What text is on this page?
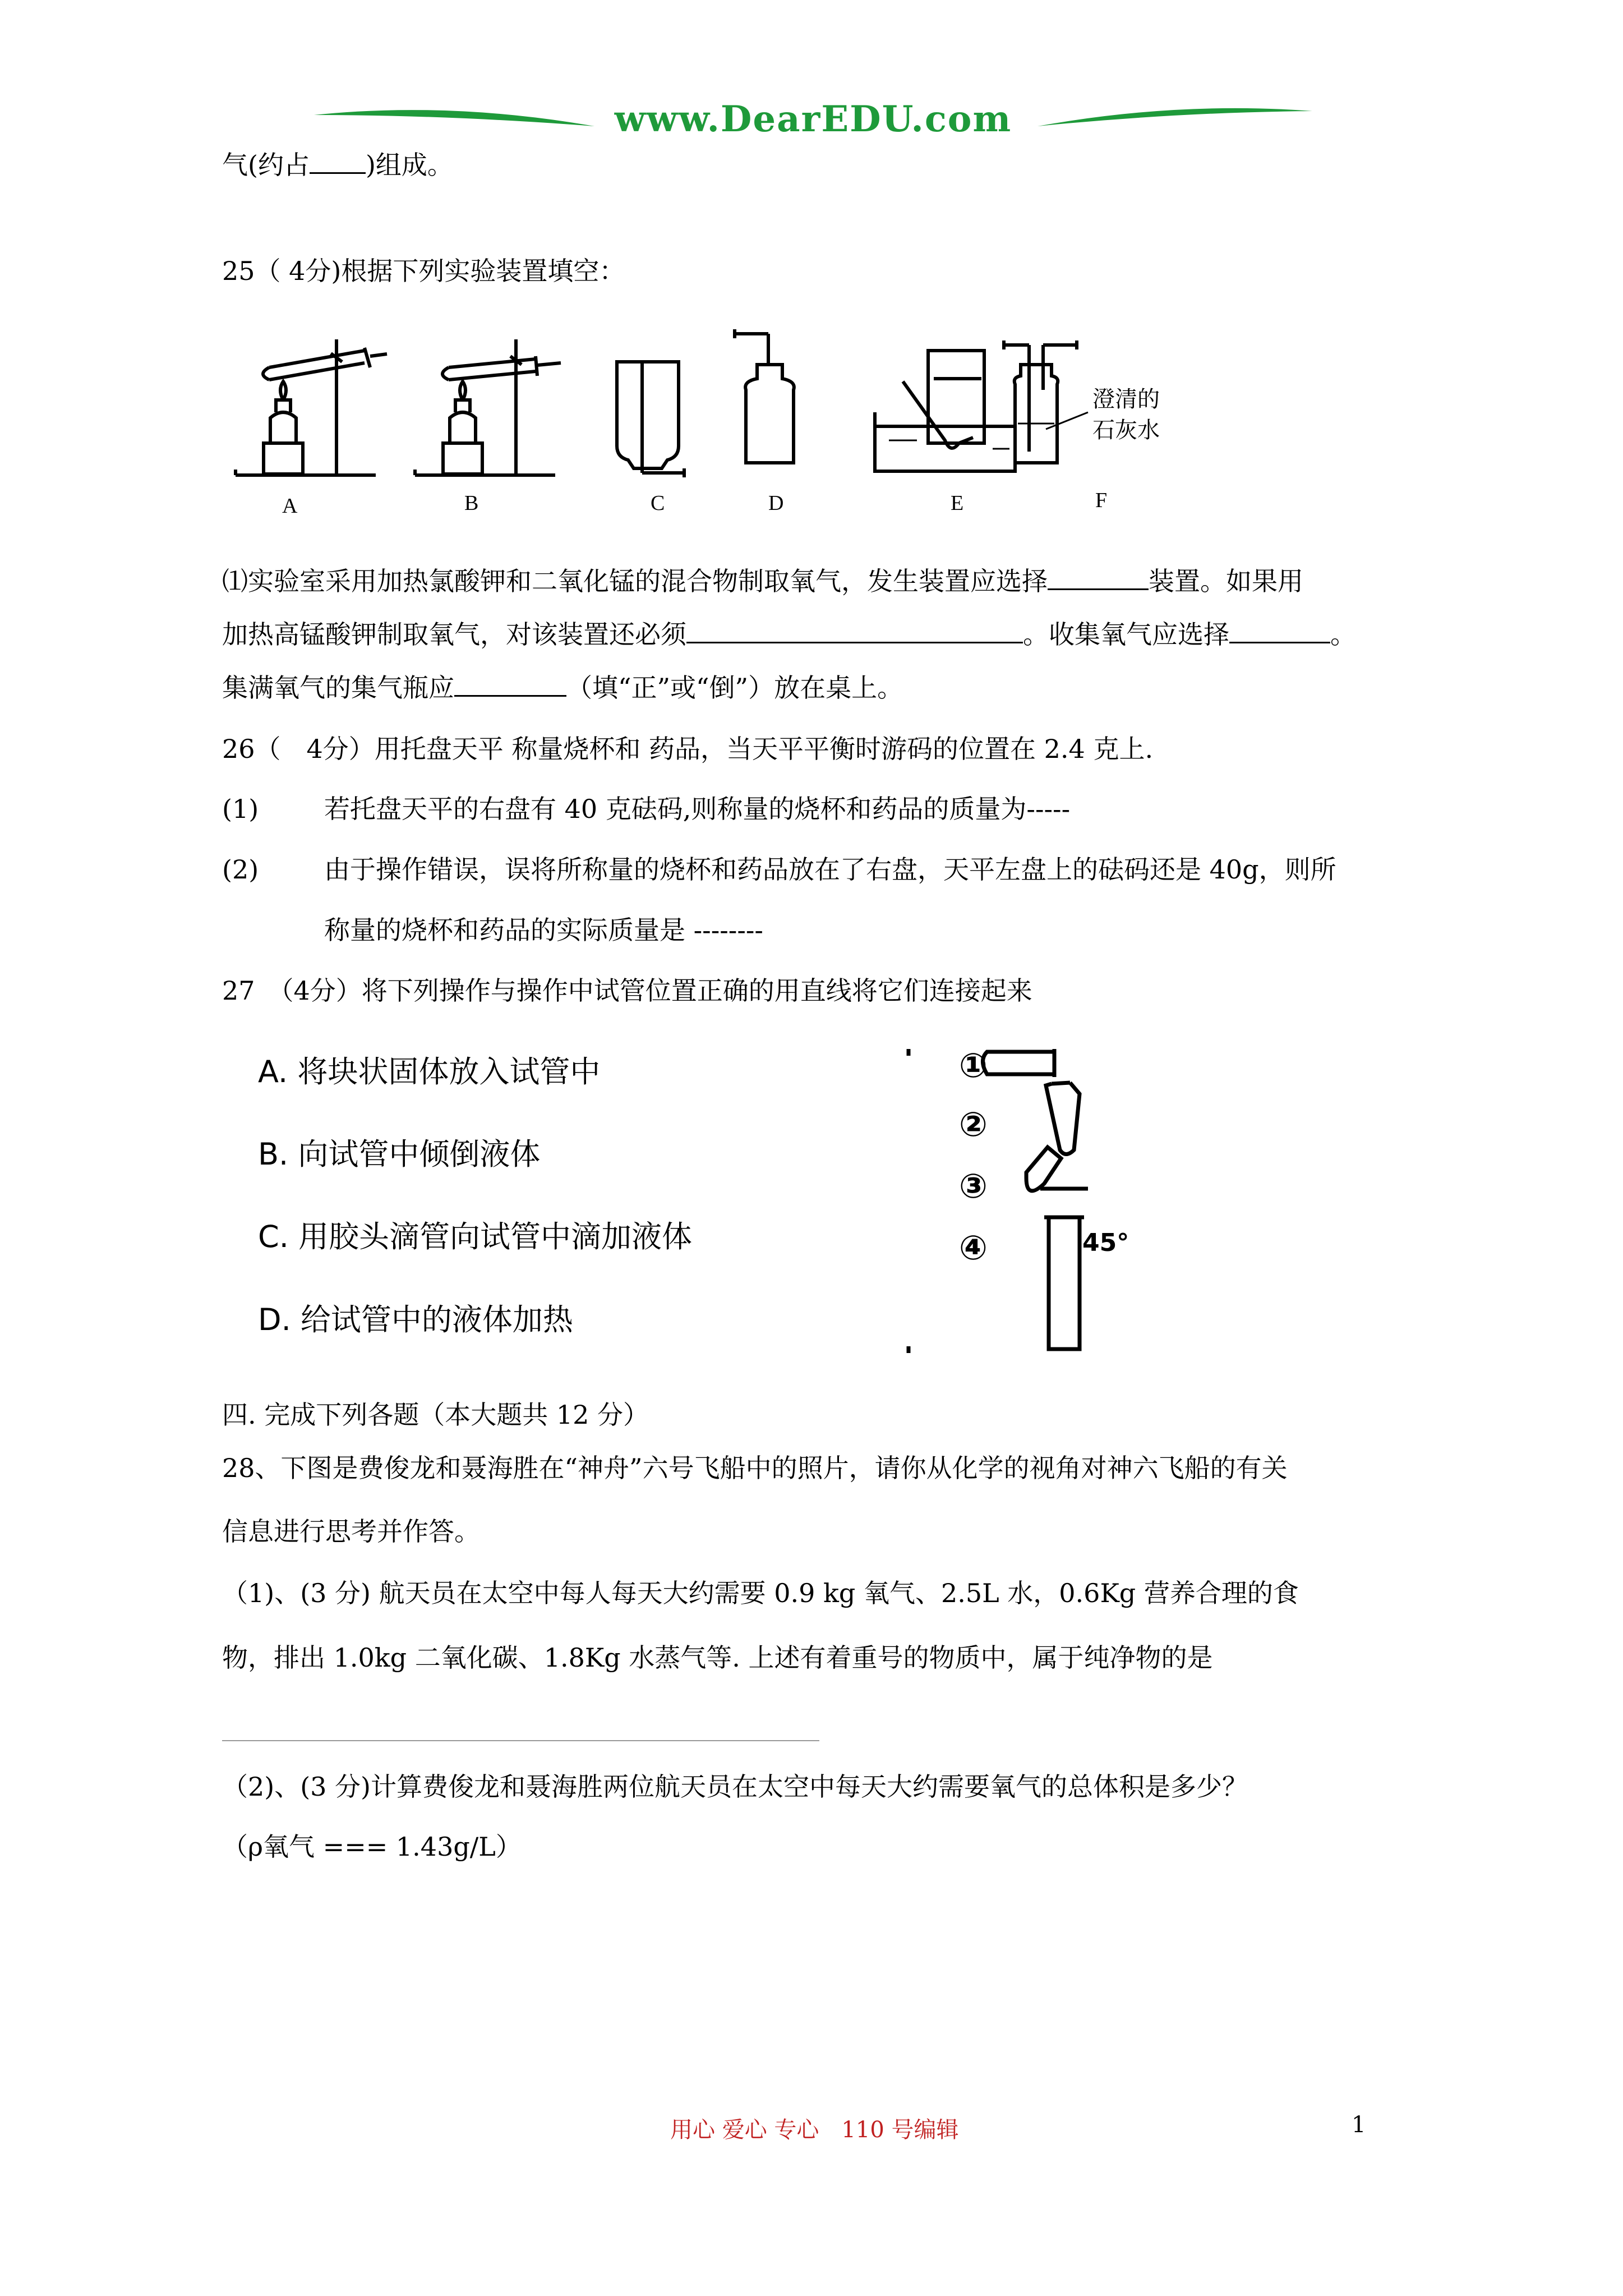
www.DearEDU.com
气(约占 )组成。
25（ 4分)根据下列实验装置填空：
澄清的
石灰水
A	B	C	D	E	F
⑴实验室采用加热氯酸钾和二氧化锰的混合物制取氧气，发生装置应选择	装置。如果用
加热高锰酸钾制取氧气，对该装置还必须	。收集氧气应选择	。
集满氧气的集气瓶应	（填“正”或“倒”）放在桌上。
26（　4分）用托盘天平 称量烧杯和 药品，当天平平衡时游码的位置在 2.4 克上.
(1)	若托盘天平的右盘有 40 克砝码,则称量的烧杯和药品的质量为-----
(2)	由于操作错误，误将所称量的烧杯和药品放在了右盘，天平左盘上的砝码还是 40g，则所
称量的烧杯和药品的实际质量是 --------
27　（4分）将下列操作与操作中试管位置正确的用直线将它们连接起来
A. 将块状固体放入试管中
B. 向试管中倾倒液体
C. 用胶头滴管向试管中滴加液体
D. 给试管中的液体加热
①
②
③
④	45°
四. 完成下列各题（本大题共 12 分）
28、下图是费俊龙和聂海胜在“神舟”六号飞船中的照片，请你从化学的视角对神六飞船的有关
信息进行思考并作答。
（1)、(3 分) 航天员在太空中每人每天大约需要 0.9 kg 氧气、2.5L 水，0.6Kg 营养合理的食
物，排出 1.0kg 二氧化碳、1.8Kg 水蒸气等. 上述有着重号的物质中，属于纯净物的是
（2)、(3 分)计算费俊龙和聂海胜两位航天员在太空中每天大约需要氧气的总体积是多少？
（ρ氧气 === 1.43g/L）
用心 爱心 专心　110 号编辑	1
